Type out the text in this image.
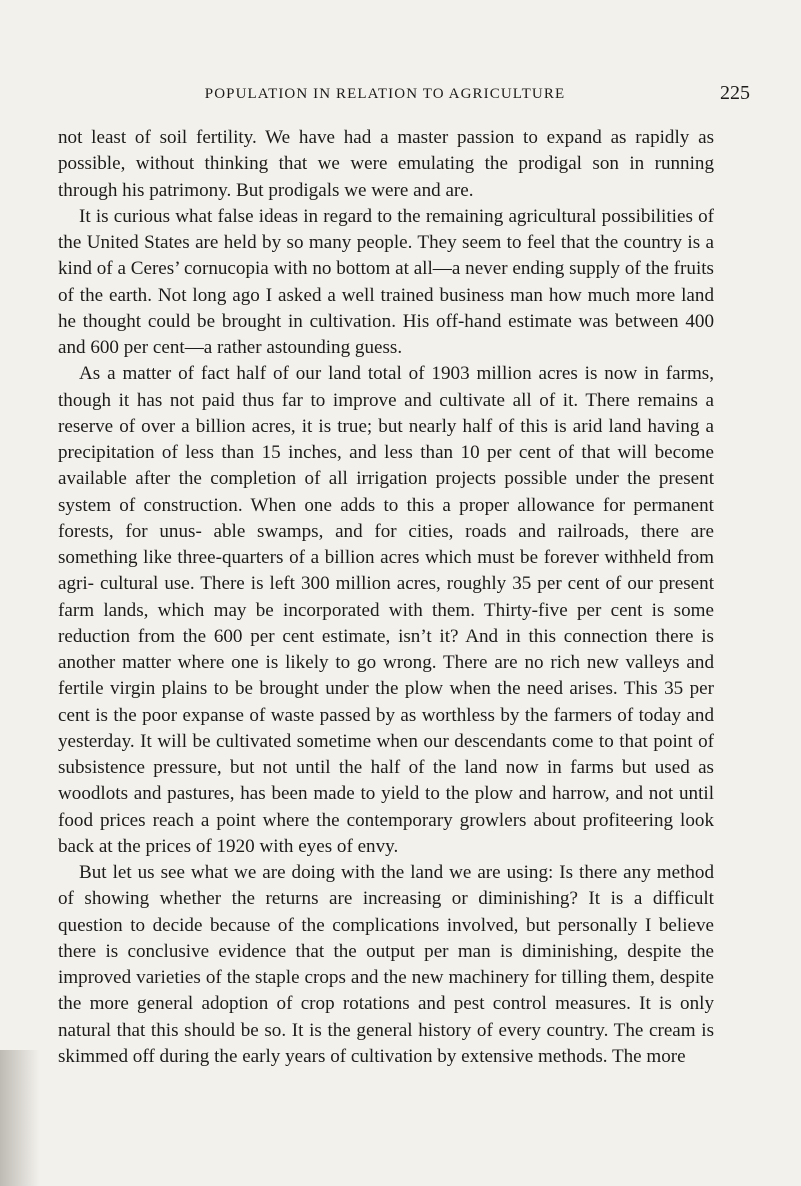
POPULATION IN RELATION TO AGRICULTURE	225

not least of soil fertility. We have had a master passion to expand as rapidly as possible, without thinking that we were emulating the prodigal son in running through his patrimony. But prodigals we were and are.

It is curious what false ideas in regard to the remaining agricultural possibilities of the United States are held by so many people. They seem to feel that the country is a kind of a Ceres’ cornucopia with no bottom at all—a never ending supply of the fruits of the earth. Not long ago I asked a well trained business man how much more land he thought could be brought in cultivation. His off-hand estimate was between 400 and 600 per cent—a rather astounding guess.

As a matter of fact half of our land total of 1903 million acres is now in farms, though it has not paid thus far to improve and cultivate all of it. There remains a reserve of over a billion acres, it is true; but nearly half of this is arid land having a precipitation of less than 15 inches, and less than 10 per cent of that will become available after the completion of all irrigation projects possible under the present system of construction. When one adds to this a proper allowance for permanent forests, for unus- able swamps, and for cities, roads and railroads, there are something like three-quarters of a billion acres which must be forever withheld from agri- cultural use. There is left 300 million acres, roughly 35 per cent of our present farm lands, which may be incorporated with them. Thirty-five per cent is some reduction from the 600 per cent estimate, isn’t it? And in this connection there is another matter where one is likely to go wrong. There are no rich new valleys and fertile virgin plains to be brought under the plow when the need arises. This 35 per cent is the poor expanse of waste passed by as worthless by the farmers of today and yesterday. It will be cultivated sometime when our descendants come to that point of subsistence pressure, but not until the half of the land now in farms but used as woodlots and pastures, has been made to yield to the plow and harrow, and not until food prices reach a point where the contemporary growlers about profiteering look back at the prices of 1920 with eyes of envy.

But let us see what we are doing with the land we are using: Is there any method of showing whether the returns are increasing or diminishing? It is a difficult question to decide because of the complications involved, but personally I believe there is conclusive evidence that the output per man is diminishing, despite the improved varieties of the staple crops and the new machinery for tilling them, despite the more general adoption of crop rotations and pest control measures. It is only natural that this should be so. It is the general history of every country. The cream is skimmed off during the early years of cultivation by extensive methods. The more
